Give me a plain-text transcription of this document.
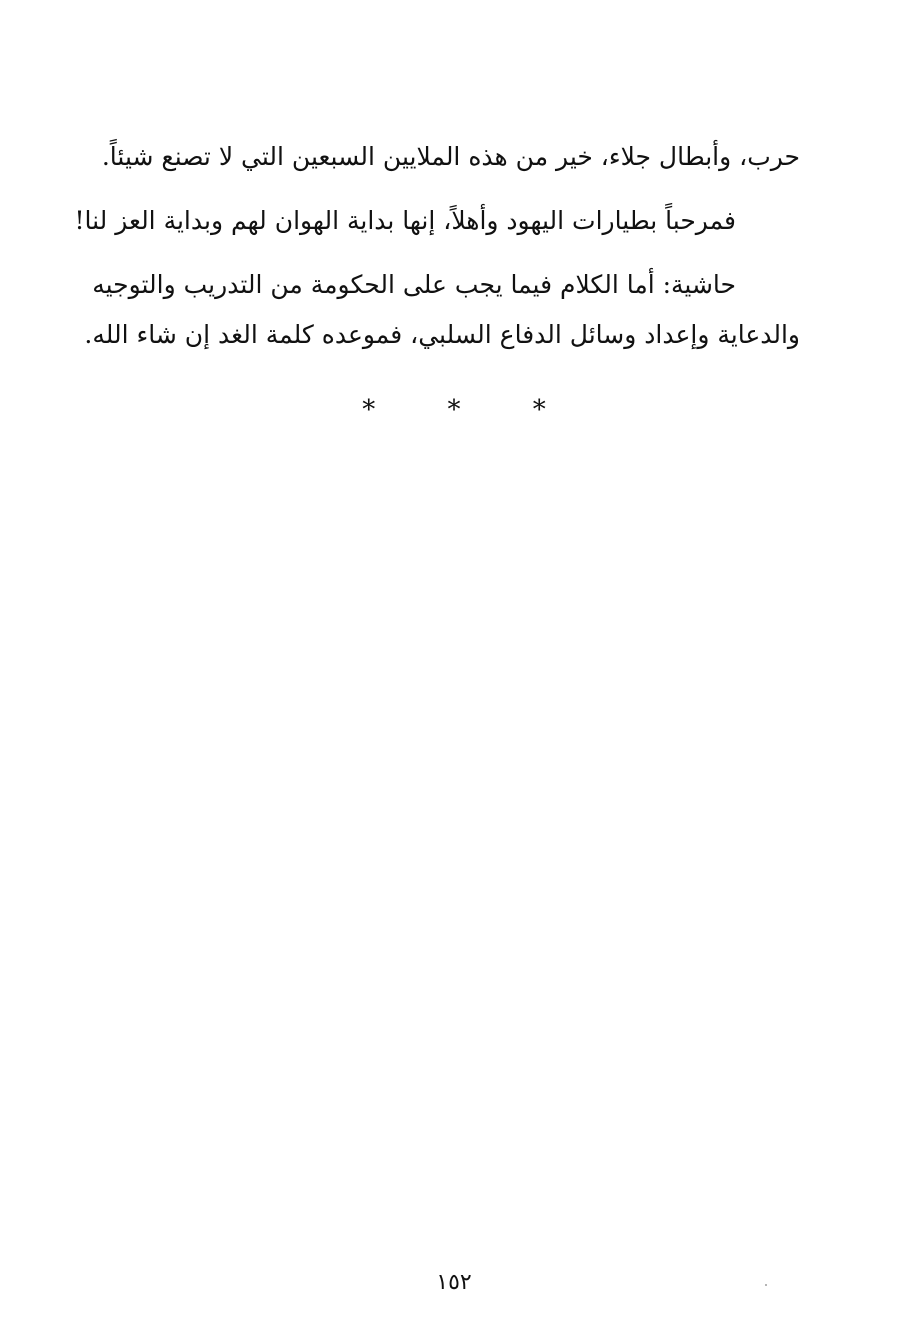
حرب، وأبطال جلاء، خير من هذه الملايين السبعين التي لا تصنع شيئاً.
فمرحباً بطيارات اليهود وأهلاً، إنها بداية الهوان لهم وبداية العز لنا!
حاشية: أما الكلام فيما يجب على الحكومة من التدريب والتوجيه
والدعاية وإعداد وسائل الدفاع السلبي، فموعده كلمة الغد إن شاء الله.
* * *
١٥٢
